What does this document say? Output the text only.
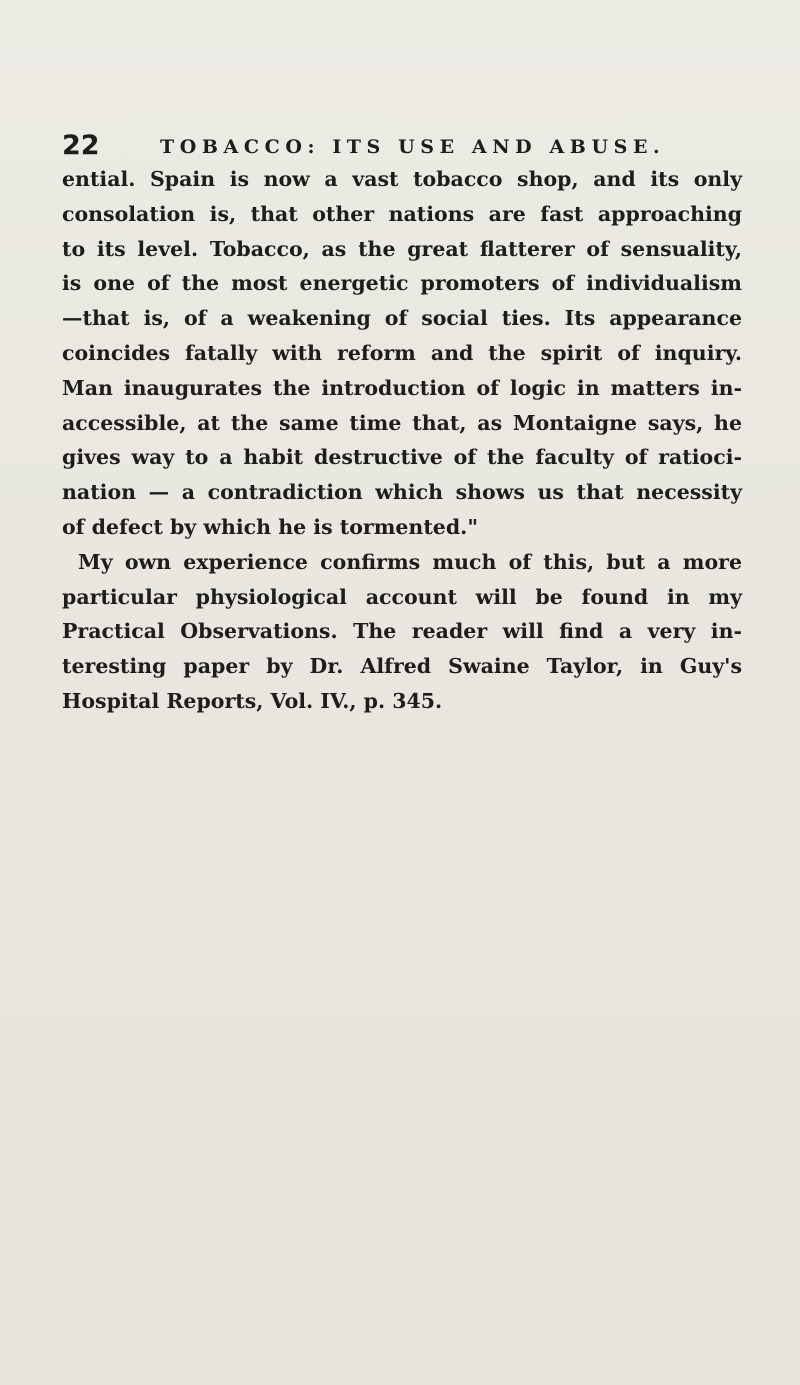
22	TOBACCO: ITS USE AND ABUSE.
ential. Spain is now a vast tobacco shop, and its only
consolation is, that other nations are fast approaching
to its level. Tobacco, as the great flatterer of sensuality,
is one of the most energetic promoters of individualism
—that is, of a weakening of social ties. Its appearance
coincides fatally with reform and the spirit of inquiry.
Man inaugurates the introduction of logic in matters in-
accessible, at the same time that, as Montaigne says, he
gives way to a habit destructive of the faculty of ratioci-
nation — a contradiction which shows us that necessity
of defect by which he is tormented."
My own experience confirms much of this, but a more
particular physiological account will be found in my
Practical Observations. The reader will find a very in-
teresting paper by Dr. Alfred Swaine Taylor, in Guy's
Hospital Reports, Vol. IV., p. 345.
